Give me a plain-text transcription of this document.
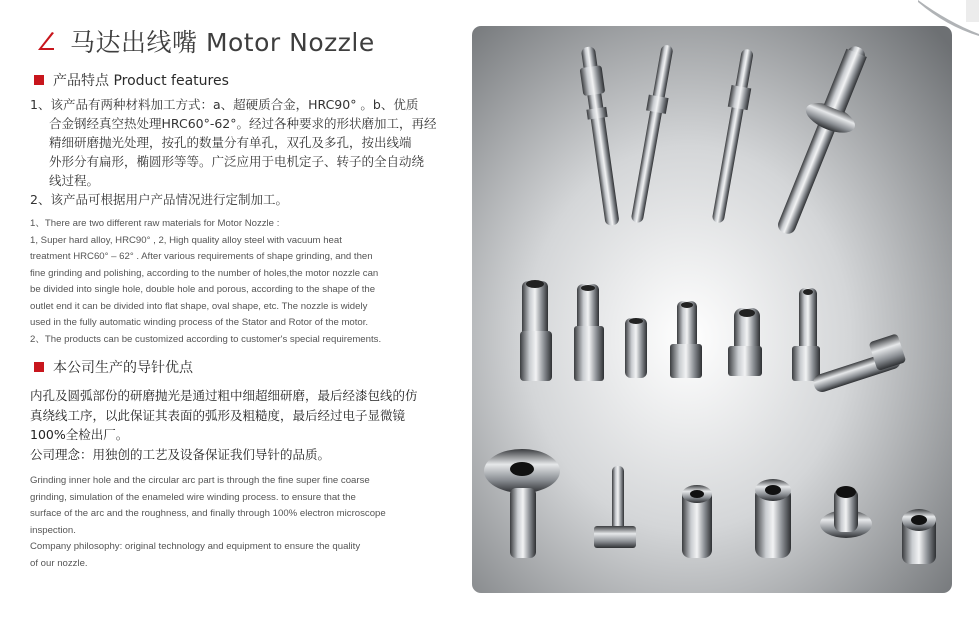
马达出线嘴 Motor Nozzle
产品特点 Product features

1、该产品有两种材料加工方式：a、超硬质合金，HRC90° 。b、优质

合金钢经真空热处理HRC60°-62°。经过各种要求的形状磨加工，再经

精细研磨抛光处理，按孔的数量分有单孔，双孔及多孔，按出线端

外形分有扁形，椭圆形等等。广泛应用于电机定子、转子的全自动绕

线过程。

2、该产品可根据用户产品情况进行定制加工。

1、There are two different raw materials for Motor Nozzle :

1, Super hard alloy, HRC90° , 2, High quality alloy steel with vacuum heat

treatment HRC60° – 62° . After various requirements of shape grinding, and then

fine grinding and polishing, according to the number of holes,the motor nozzle can

be divided into single hole, double hole and porous, according to the shape of the

outlet end it can be divided into flat shape, oval shape, etc. The nozzle is widely

used in the fully automatic winding process of the Stator and Rotor of the motor.

2、The products can be customized according to customer's special requirements.

本公司生产的导针优点

内孔及圆弧部份的研磨抛光是通过粗中细超细研磨，最后经漆包线的仿

真绕线工序，以此保证其表面的弧形及粗糙度，最后经过电子显微镜

100%全检出厂。

公司理念：用独创的工艺及设备保证我们导针的品质。

Grinding inner hole and the circular arc part is through the fine super fine coarse

grinding, simulation of the enameled wire winding process. to ensure that the

surface of the arc and the roughness, and finally through 100% electron microscope

inspection.

Company philosophy: original technology and equipment to ensure the quality

of our nozzle.
